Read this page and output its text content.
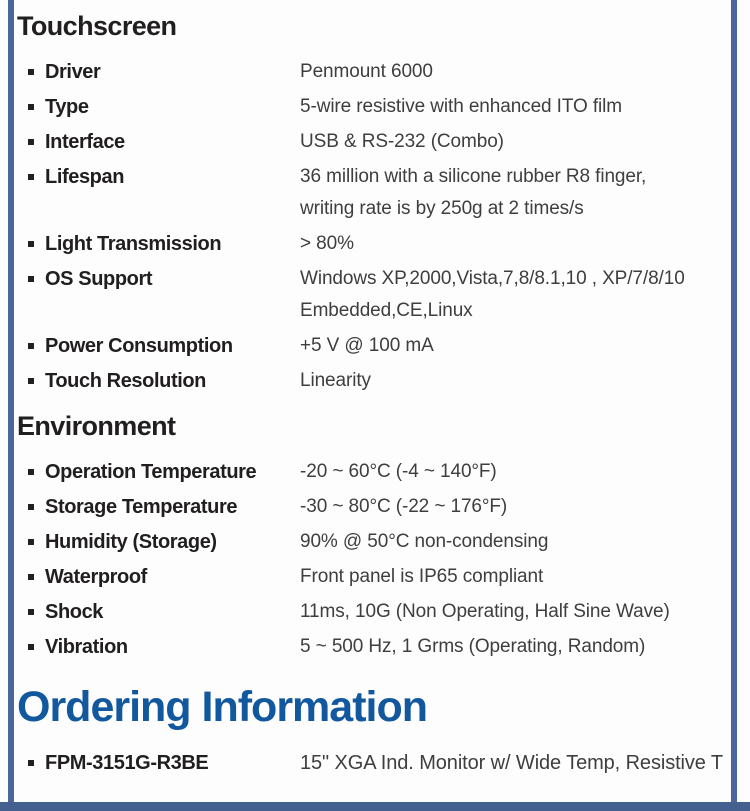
Touchscreen
Driver	Penmount 6000
Type	5-wire resistive with enhanced ITO film
Interface	USB & RS-232 (Combo)
Lifespan	36 million with a silicone rubber R8 finger,
writing rate is by 250g at 2 times/s
Light Transmission	> 80%
OS Support	Windows XP,2000,Vista,7,8/8.1,10 , XP/7/8/10
Embedded,CE,Linux
Power Consumption	+5 V @ 100 mA
Touch Resolution	Linearity
Environment
Operation Temperature	-20 ~ 60°C (-4 ~ 140°F)
Storage Temperature	-30 ~ 80°C (-22 ~ 176°F)
Humidity (Storage)	90% @ 50°C non-condensing
Waterproof	Front panel is IP65 compliant
Shock	11ms, 10G (Non Operating, Half Sine Wave)
Vibration	5 ~ 500 Hz, 1 Grms (Operating, Random)
Ordering Information
FPM-3151G-R3BE	15" XGA Ind. Monitor w/ Wide Temp, Resistive T
